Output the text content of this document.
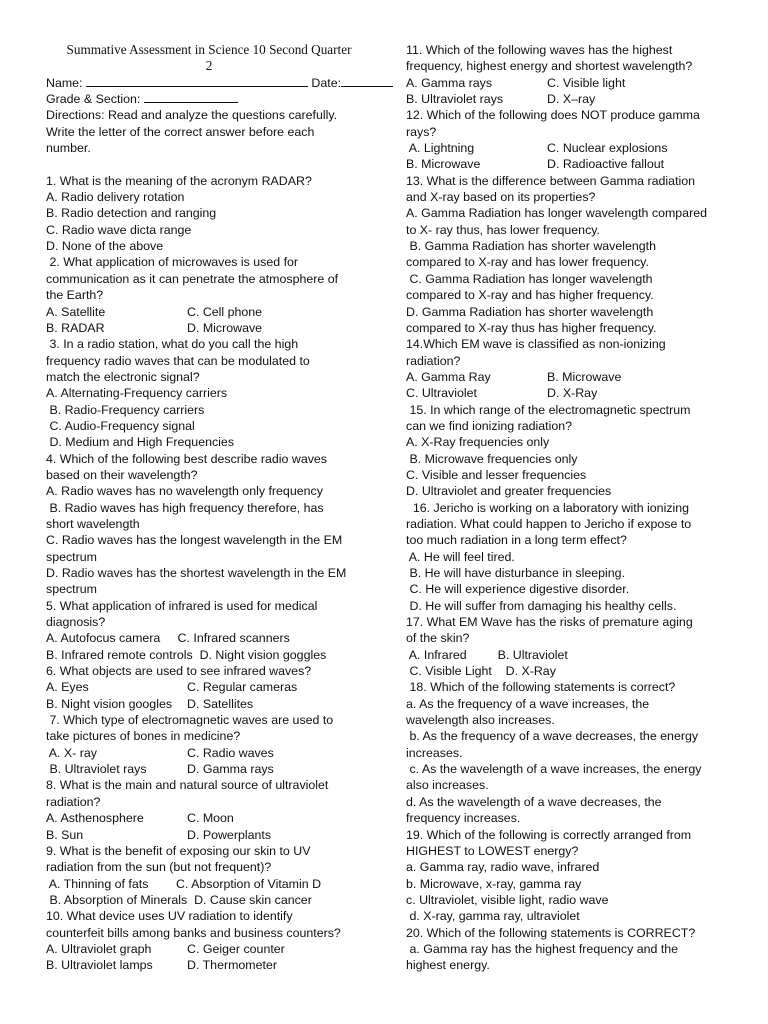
Summative Assessment in Science 10 Second Quarter
2
Name:	Date:
Grade & Section:
Directions: Read and analyze the questions carefully.
Write the letter of the correct answer before each
number.
1. What is the meaning of the acronym RADAR?
A. Radio delivery rotation
B. Radio detection and ranging
C. Radio wave dicta range
D. None of the above
2. What application of microwaves is used for
communication as it can penetrate the atmosphere of
the Earth?
A. Satellite	C. Cell phone
B. RADAR	D. Microwave
3. In a radio station, what do you call the high
frequency radio waves that can be modulated to
match the electronic signal?
A. Alternating-Frequency carriers
B. Radio-Frequency carriers
C. Audio-Frequency signal
D. Medium and High Frequencies
4. Which of the following best describe radio waves
based on their wavelength?
A. Radio waves has no wavelength only frequency
B. Radio waves has high frequency therefore, has
short wavelength
C. Radio waves has the longest wavelength in the EM
spectrum
D. Radio waves has the shortest wavelength in the EM
spectrum
5. What application of infrared is used for medical
diagnosis?
A. Autofocus camera     C. Infrared scanners
B. Infrared remote controls  D. Night vision goggles
6. What objects are used to see infrared waves?
A. Eyes	C. Regular cameras
B. Night vision googles	D. Satellites
7. Which type of electromagnetic waves are used to
take pictures of bones in medicine?
A. X- ray	C. Radio waves
B. Ultraviolet rays	D. Gamma rays
8. What is the main and natural source of ultraviolet
radiation?
A. Asthenosphere	C. Moon
B. Sun	D. Powerplants
9. What is the benefit of exposing our skin to UV
radiation from the sun (but not frequent)?
A. Thinning of fats        C. Absorption of Vitamin D
B. Absorption of Minerals  D. Cause skin cancer
10. What device uses UV radiation to identify
counterfeit bills among banks and business counters?
A. Ultraviolet graph	C. Geiger counter
B. Ultraviolet lamps	D. Thermometer
11. Which of the following waves has the highest
frequency, highest energy and shortest wavelength?
A. Gamma rays	C. Visible light
B. Ultraviolet rays	D. X–ray
12. Which of the following does NOT produce gamma
rays?
A. Lightning	C. Nuclear explosions
B. Microwave	D. Radioactive fallout
13. What is the difference between Gamma radiation
and X-ray based on its properties?
A. Gamma Radiation has longer wavelength compared
to X- ray thus, has lower frequency.
B. Gamma Radiation has shorter wavelength
compared to X-ray and has lower frequency.
C. Gamma Radiation has longer wavelength
compared to X-ray and has higher frequency.
D. Gamma Radiation has shorter wavelength
compared to X-ray thus has higher frequency.
14.Which EM wave is classified as non-ionizing
radiation?
A. Gamma Ray	B. Microwave
C. Ultraviolet	D. X-Ray
15. In which range of the electromagnetic spectrum
can we find ionizing radiation?
A. X-Ray frequencies only
B. Microwave frequencies only
C. Visible and lesser frequencies
D. Ultraviolet and greater frequencies
16. Jericho is working on a laboratory with ionizing
radiation. What could happen to Jericho if expose to
too much radiation in a long term effect?
A. He will feel tired.
B. He will have disturbance in sleeping.
C. He will experience digestive disorder.
D. He will suffer from damaging his healthy cells.
17. What EM Wave has the risks of premature aging
of the skin?
A. Infrared         B. Ultraviolet
C. Visible Light    D. X-Ray
18. Which of the following statements is correct?
a. As the frequency of a wave increases, the
wavelength also increases.
b. As the frequency of a wave decreases, the energy
increases.
c. As the wavelength of a wave increases, the energy
also increases.
d. As the wavelength of a wave decreases, the
frequency increases.
19. Which of the following is correctly arranged from
HIGHEST to LOWEST energy?
a. Gamma ray, radio wave, infrared
b. Microwave, x-ray, gamma ray
c. Ultraviolet, visible light, radio wave
d. X-ray, gamma ray, ultraviolet
20. Which of the following statements is CORRECT?
a. Gamma ray has the highest frequency and the
highest energy.
